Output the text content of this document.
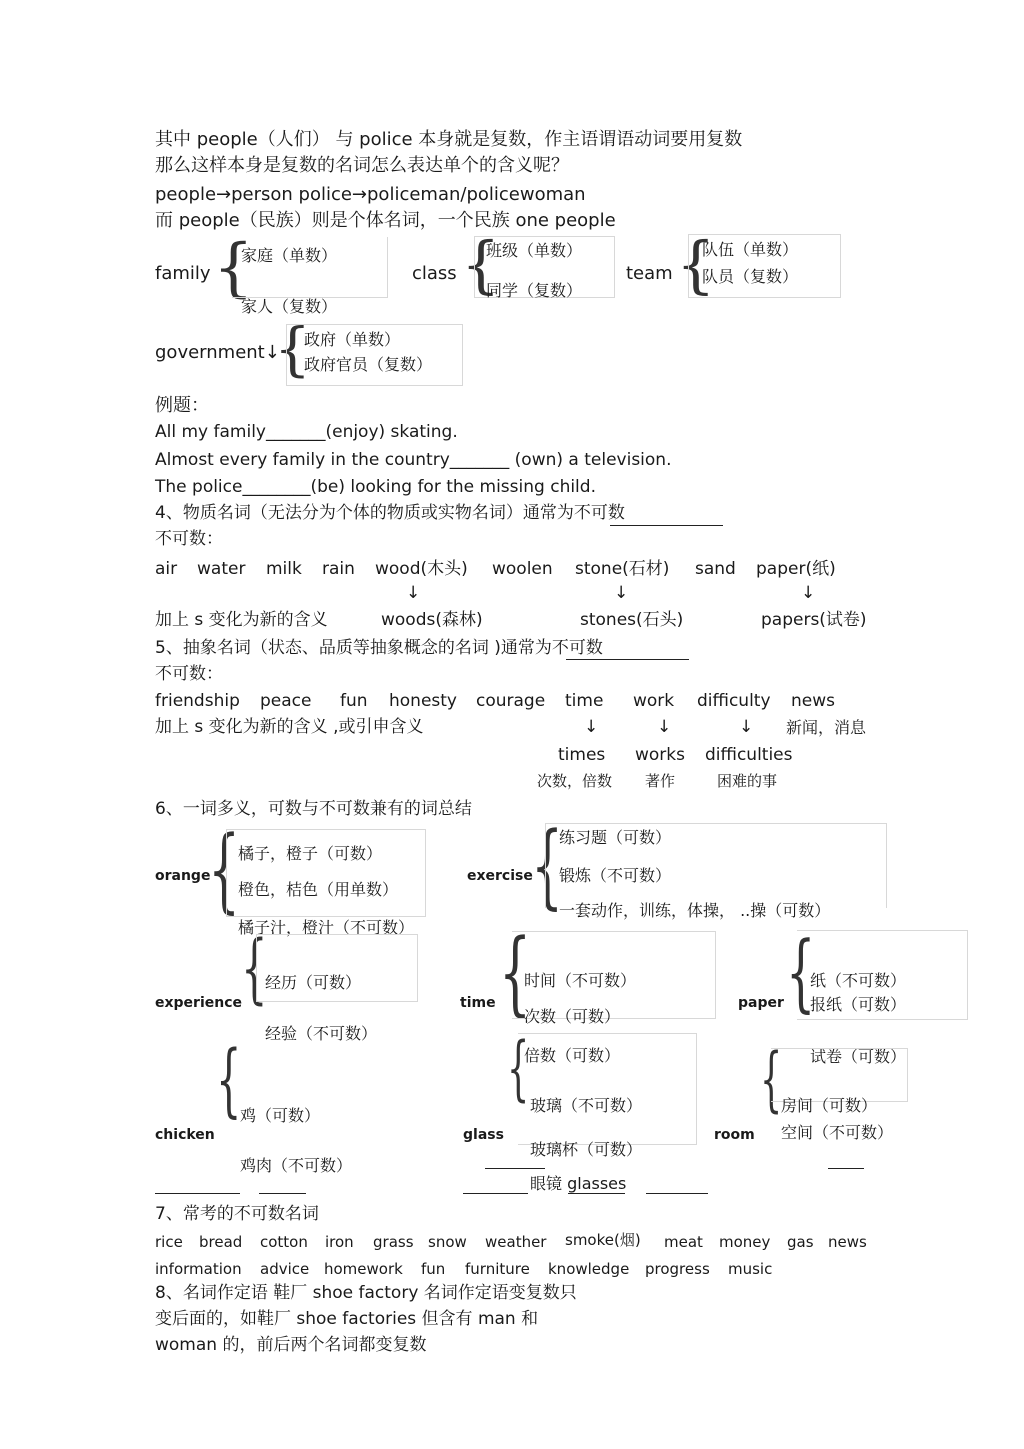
其中 people（人们） 与 police 本身就是复数，作主语谓语动词要用复数
那么这样本身是复数的名词怎么表达单个的含义呢？
people→person police→policeman/policewoman
而 people（民族）则是个体名词，一个民族 one people
family {
家庭（单数）
家人（复数）
class {
班级（单数）
同学（复数）
team {
队伍（单数）
队员（复数）
government↓
{
政府（单数）
政府官员（复数）
例题：
All my family_______(enjoy) skating.
Almost every family in the country_______ (own) a television.
The police________(be) looking for the missing child.
4、物质名词（无法分为个体的物质或实物名词）通常为不可数
不可数：
air water milk rain wood(木头) woolen stone(石材) sand paper(纸)
↓	↓	↓
加上 s 变化为新的含义	woods(森林)	stones(石头)	papers(试卷)
5、抽象名词（状态、品质等抽象概念的名词 )通常为不可数
不可数：
friendship peace fun honesty courage time work difficulty news
加上 s 变化为新的含义 ,或引申含义	↓	↓	↓ 新闻，消息
times works difficulties
次数，倍数 著作	困难的事
6、一词多义，可数与不可数兼有的词总结
orange
{
橘子，橙子（可数）
橙色，桔色（用单数）
橘子汁，橙汁（不可数）
exercise
{
练习题（可数）
锻炼（不可数）
一套动作，训练，体操， ..操（可数）
experience
{
经历（可数）
经验（不可数）
time {
时间（不可数）
次数（可数）
倍数（可数）
paper {
纸（不可数）
报纸（可数）
试卷（可数）
chicken
{
鸡（可数）
鸡肉（不可数）
glass
{ 玻璃（不可数）
玻璃杯（可数）
眼镜 glasses
room
{
房间（可数）
空间（不可数）
7、常考的不可数名词
rice bread cotton iron grass snow weather smoke(烟) meat money gas news
information advice homework fun furniture knowledge progress music
8、名词作定语 鞋厂 shoe factory 名词作定语变复数只
变后面的，如鞋厂 shoe factories 但含有 man 和
woman 的，前后两个名词都变复数
